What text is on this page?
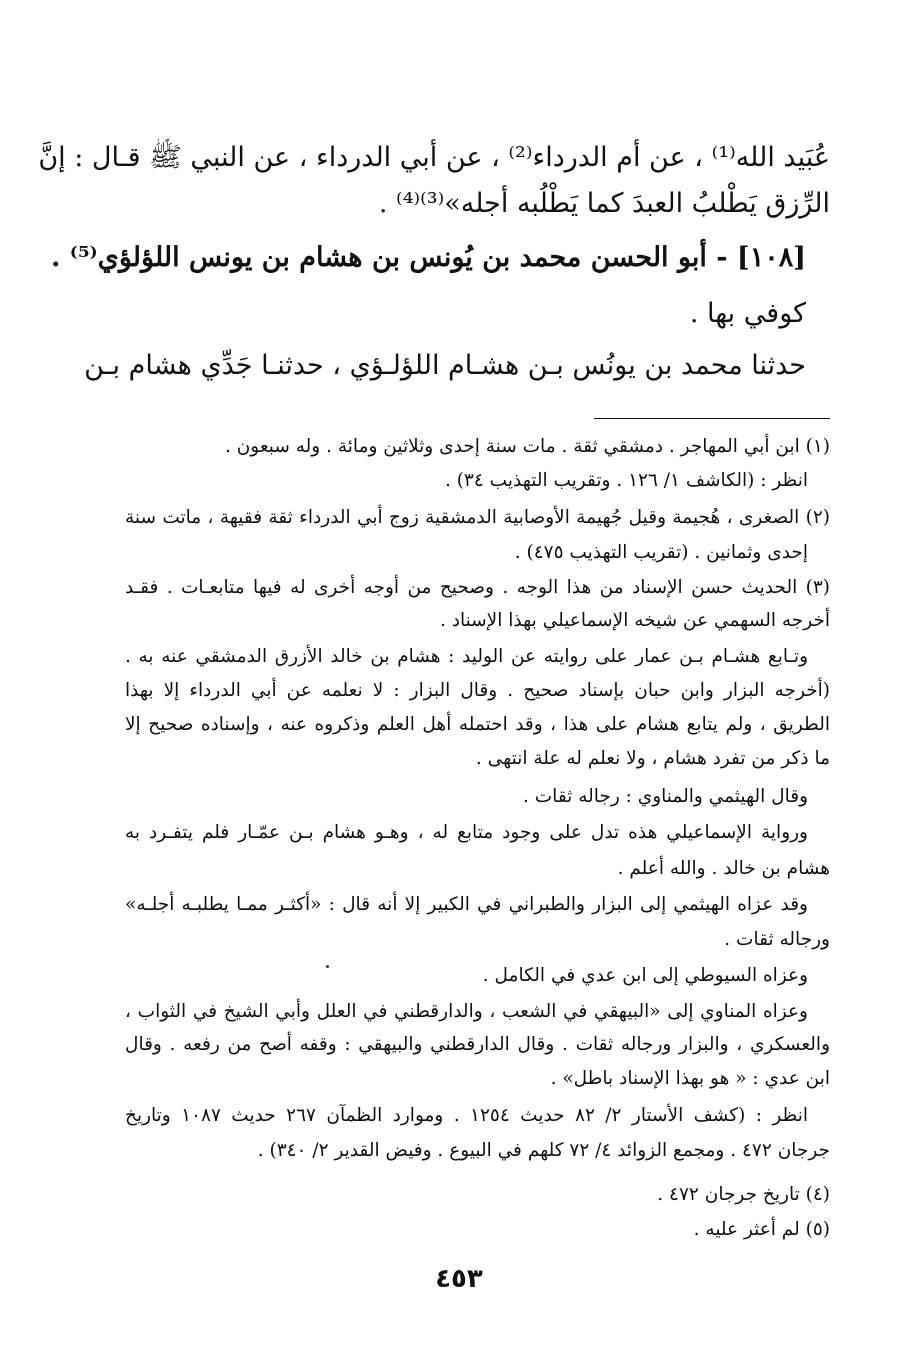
عُبَيد الله⁽¹⁾ ، عن أم الدرداء⁽²⁾ ، عن أبي الدرداء ، عن النبي ﷺ قـال : إنَّ
الرِّزق يَطْلبُ العبدَ كما يَطْلُبه أجله»⁽³⁾⁽⁴⁾ .
[١٠٨] - أبو الحسن محمد بن يُونس بن هشام بن يونس اللؤلؤي⁽⁵⁾ .
كوفي بها .
حدثنا محمد بن يونُس بـن هشـام اللؤلـؤي ، حدثنـا جَدِّي هشام بـن
(١) ابن أبي المهاجر . دمشقي ثقة . مات سنة إحدى وثلاثين ومائة . وله سبعون .
انظر : (الكاشف ١/ ١٢٦ . وتقريب التهذيب ٣٤) .
(٢) الصغرى ، هُجيمة وقيل جُهيمة الأوصابية الدمشقية زوج أبي الدرداء ثقة فقيهة ، ماتت سنة
إحدى وثمانين . (تقريب التهذيب ٤٧٥) .
(٣) الحديث حسن الإسناد من هذا الوجه . وصحيح من أوجه أخرى له فيها متابعـات . فقـد
أخرجه السهمي عن شيخه الإسماعيلي بهذا الإسناد .
وتـابع هشـام بـن عمار على روايته عن الوليد : هشام بن خالد الأزرق الدمشقي عنه به .
(أخرجه البزار وابن حبان بإسناد صحيح . وقال البزار : لا نعلمه عن أبي الدرداء إلا بهذا
الطريق ، ولم يتابع هشام على هذا ، وقد احتمله أهل العلم وذكروه عنه ، وإسناده صحيح إلا
ما ذكر من تفرد هشام ، ولا نعلم له علة انتهى .
وقال الهيثمي والمناوي : رجاله ثقات .
ورواية الإسماعيلي هذه تدل على وجود متابع له ، وهـو هشام بـن عمّـار فلم يتفـرد به
هشام بن خالد . والله أعلم .
وقد عزاه الهيثمي إلى البزار والطبراني في الكبير إلا أنه قال : «أكثـر ممـا يطلبـه أجلـه»
ورجاله ثقات .
وعزاه السيوطي إلى ابن عدي في الكامل .
وعزاه المناوي إلى «البيهقي في الشعب ، والدارقطني في العلل وأبي الشيخ في الثواب ،
والعسكري ، والبزار ورجاله ثقات . وقال الدارقطني والبيهقي : وقفه أصح من رفعه . وقال
ابن عدي : « هو بهذا الإسناد باطل» .
انظر : (كشف الأستار ٢/ ٨٢ حديث ١٢٥٤ . وموارد الظمآن ٢٦٧ حديث ١٠٨٧ وتاريخ
جرجان ٤٧٢ . ومجمع الزوائد ٤/ ٧٢ كلهم في البيوع . وفيض القدير ٢/ ٣٤٠) .
(٤) تاريخ جرجان ٤٧٢ .
(٥) لم أعثر عليه .
٤٥٣
